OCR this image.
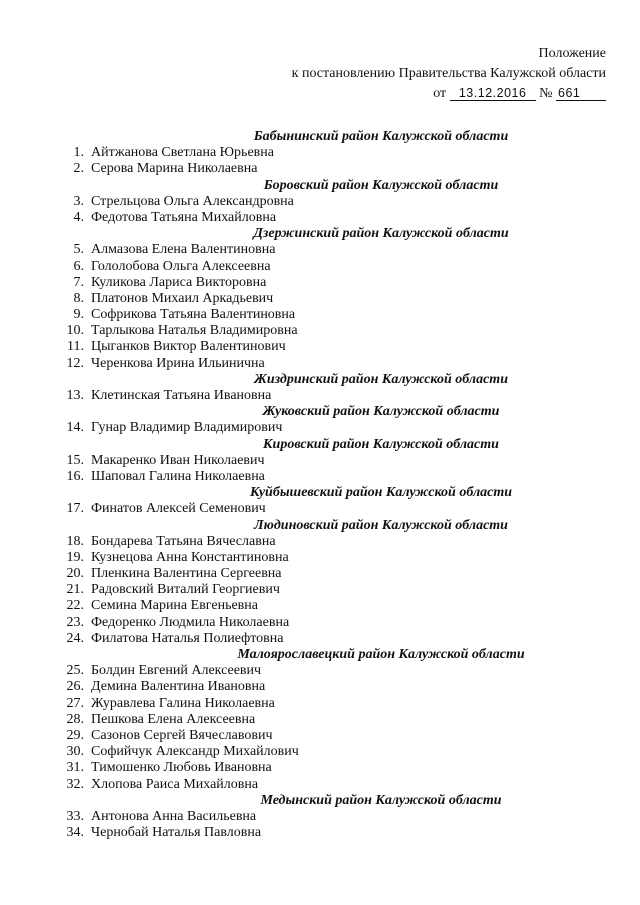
Положение
к постановлению Правительства Калужской области
от 13.12.2016 № 661
Бабынинский район Калужской области
1. Айтжанова Светлана Юрьевна
2. Серова Марина Николаевна
Боровский район Калужской области
3. Стрельцова Ольга Александровна
4. Федотова Татьяна Михайловна
Дзержинский район Калужской области
5. Алмазова Елена Валентиновна
6. Гололобова Ольга Алексеевна
7. Куликова Лариса Викторовна
8. Платонов Михаил Аркадьевич
9. Софрикова Татьяна Валентиновна
10. Тарлыкова Наталья Владимировна
11. Цыганков Виктор Валентинович
12. Черенкова Ирина Ильинична
Жиздринский район Калужской области
13. Клетинская Татьяна Ивановна
Жуковский район Калужской области
14. Гунар Владимир Владимирович
Кировский район Калужской области
15. Макаренко Иван Николаевич
16. Шаповал Галина Николаевна
Куйбышевский район Калужской области
17. Финатов Алексей Семенович
Людиновский район Калужской области
18. Бондарева Татьяна Вячеславна
19. Кузнецова Анна Константиновна
20. Пленкина Валентина Сергеевна
21. Радовский Виталий Георгиевич
22. Семина Марина Евгеньевна
23. Федоренко Людмила Николаевна
24. Филатова Наталья Полиефтовна
Малоярославецкий район Калужской области
25. Болдин Евгений Алексеевич
26. Демина Валентина Ивановна
27. Журавлева Галина Николаевна
28. Пешкова Елена Алексеевна
29. Сазонов Сергей Вячеславович
30. Софийчук Александр Михайлович
31. Тимошенко Любовь Ивановна
32. Хлопова Раиса Михайловна
Медынский район Калужской области
33. Антонова Анна Васильевна
34. Чернобай Наталья Павловна
